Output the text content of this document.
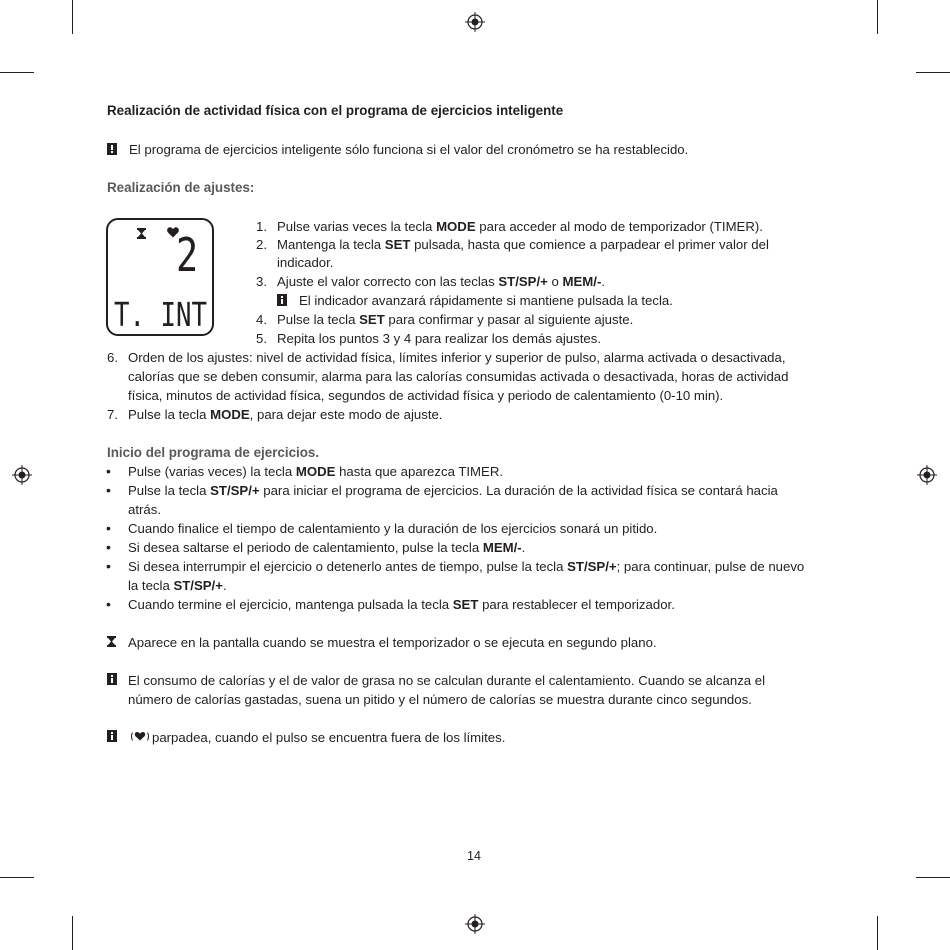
Realización de actividad física con el programa de ejercicios inteligente
El programa de ejercicios inteligente sólo funciona si el valor del cronómetro se ha restablecido.
Realización de ajustes:
2
T. INT
1. Pulse varias veces la tecla MODE para acceder al modo de temporizador (TIMER).
2. Mantenga la tecla SET pulsada, hasta que comience a parpadear el primer valor del
indicador.
3. Ajuste el valor correcto con las teclas ST/SP/+ o MEM/-.
El indicador avanzará rápidamente si mantiene pulsada la tecla.
4. Pulse la tecla SET para confirmar y pasar al siguiente ajuste.
5. Repita los puntos 3 y 4 para realizar los demás ajustes.
6. Orden de los ajustes: nivel de actividad física, límites inferior y superior de pulso, alarma activada o desactivada,
calorías que se deben consumir, alarma para las calorías consumidas activada o desactivada, horas de actividad
física, minutos de actividad física, segundos de actividad física y periodo de calentamiento (0-10 min).
7. Pulse la tecla MODE, para dejar este modo de ajuste.
Inicio del programa de ejercicios.
• Pulse (varias veces) la tecla MODE hasta que aparezca TIMER.
• Pulse la tecla ST/SP/+ para iniciar el programa de ejercicios. La duración de la actividad física se contará hacia
atrás.
• Cuando finalice el tiempo de calentamiento y la duración de los ejercicios sonará un pitido.
• Si desea saltarse el periodo de calentamiento, pulse la tecla MEM/-.
• Si desea interrumpir el ejercicio o detenerlo antes de tiempo, pulse la tecla ST/SP/+; para continuar, pulse de nuevo
la tecla ST/SP/+.
• Cuando termine el ejercicio, mantenga pulsada la tecla SET para restablecer el temporizador.
Aparece en la pantalla cuando se muestra el temporizador o se ejecuta en segundo plano.
El consumo de calorías y el de valor de grasa no se calculan durante el calentamiento. Cuando se alcanza el
número de calorías gastadas, suena un pitido y el número de calorías se muestra durante cinco segundos.
parpadea, cuando el pulso se encuentra fuera de los límites.
14
